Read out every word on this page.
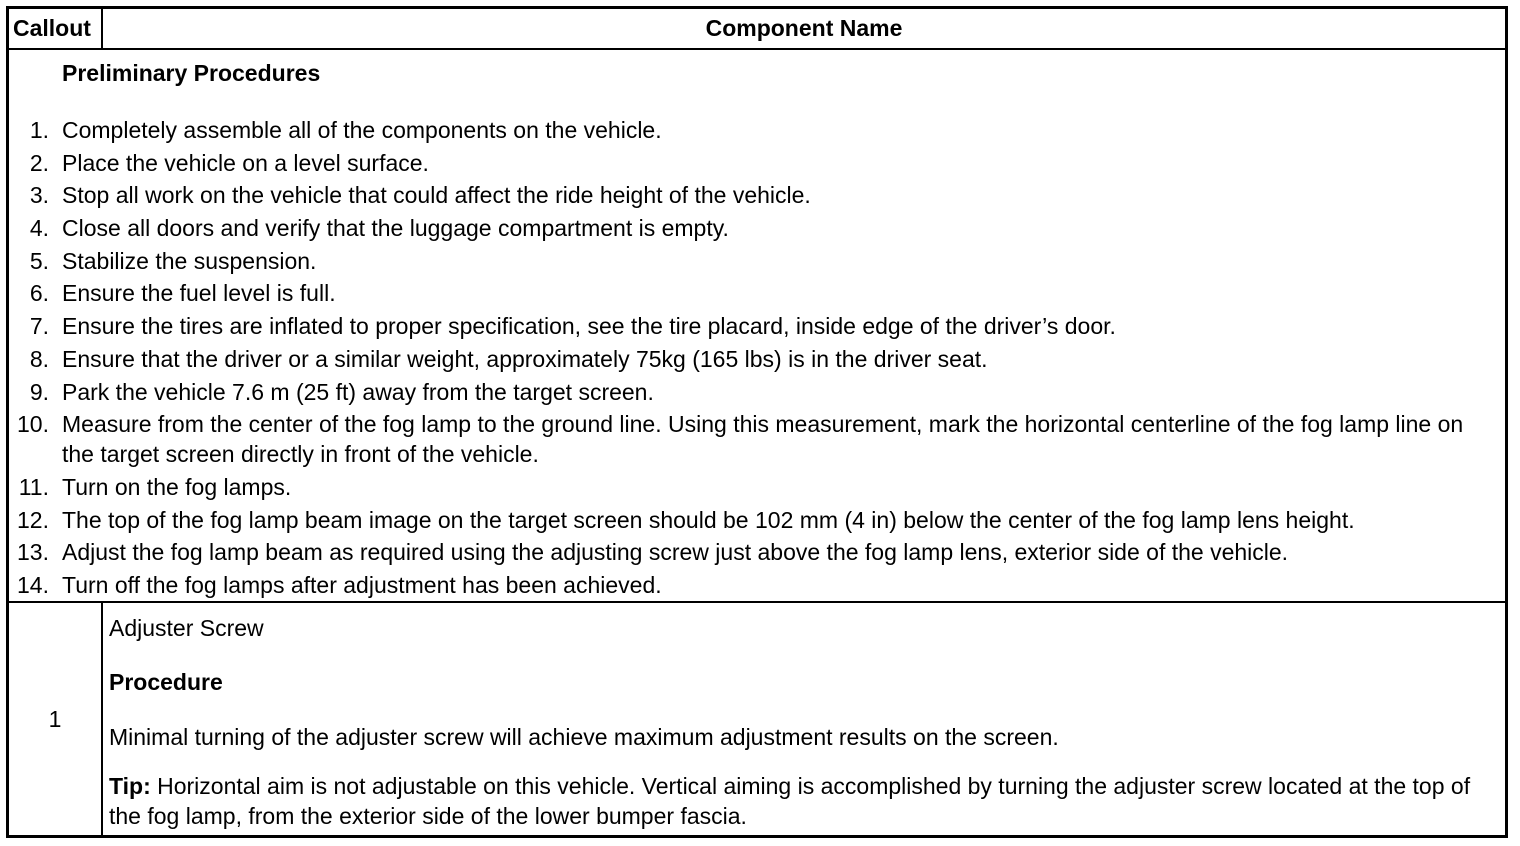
Callout	Component Name
Preliminary Procedures
1. Completely assemble all of the components on the vehicle.
2. Place the vehicle on a level surface.
3. Stop all work on the vehicle that could affect the ride height of the vehicle.
4. Close all doors and verify that the luggage compartment is empty.
5. Stabilize the suspension.
6. Ensure the fuel level is full.
7. Ensure the tires are inflated to proper specification, see the tire placard, inside edge of the driver’s door.
8. Ensure that the driver or a similar weight, approximately 75kg (165 lbs) is in the driver seat.
9. Park the vehicle 7.6 m (25 ft) away from the target screen.
10. Measure from the center of the fog lamp to the ground line. Using this measurement, mark the horizontal centerline of the fog lamp line on the target screen directly in front of the vehicle.
11. Turn on the fog lamps.
12. The top of the fog lamp beam image on the target screen should be 102 mm (4 in) below the center of the fog lamp lens height.
13. Adjust the fog lamp beam as required using the adjusting screw just above the fog lamp lens, exterior side of the vehicle.
14. Turn off the fog lamps after adjustment has been achieved.
1
Adjuster Screw
Procedure
Minimal turning of the adjuster screw will achieve maximum adjustment results on the screen.
Tip: Horizontal aim is not adjustable on this vehicle. Vertical aiming is accomplished by turning the adjuster screw located at the top of the fog lamp, from the exterior side of the lower bumper fascia.
